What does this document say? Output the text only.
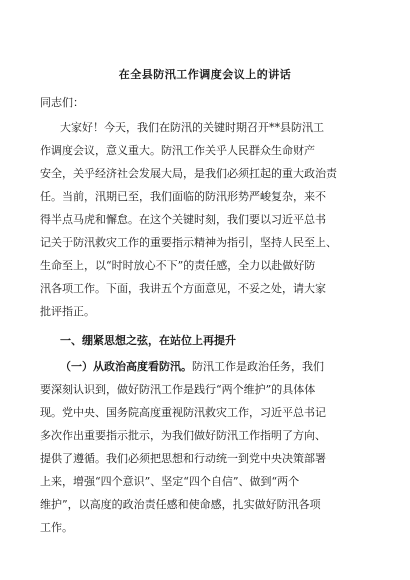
在全县防汛工作调度会议上的讲话
同志们：
大家好！今天，我们在防汛的关键时期召开**县防汛工
作调度会议，意义重大。防汛工作关乎人民群众生命财产
安全，关乎经济社会发展大局，是我们必须扛起的重大政治责
任。当前，汛期已至，我们面临的防汛形势严峻复杂，来不
得半点马虎和懈怠。在这个关键时刻，我们要以习近平总书
记关于防汛救灾工作的重要指示精神为指引，坚持人民至上、
生命至上，以“时时放心不下”的责任感，全力以赴做好防
汛各项工作。下面，我讲五个方面意见，不妥之处，请大家
批评指正。
一、绷紧思想之弦，在站位上再提升
（一）从政治高度看防汛。防汛工作是政治任务，我们
要深刻认识到，做好防汛工作是践行“两个维护”的具体体
现。党中央、国务院高度重视防汛救灾工作，习近平总书记
多次作出重要指示批示，为我们做好防汛工作指明了方向、
提供了遵循。我们必须把思想和行动统一到党中央决策部署
上来，增强“四个意识”、坚定“四个自信”、做到“两个
维护”，以高度的政治责任感和使命感，扎实做好防汛各项
工作。
